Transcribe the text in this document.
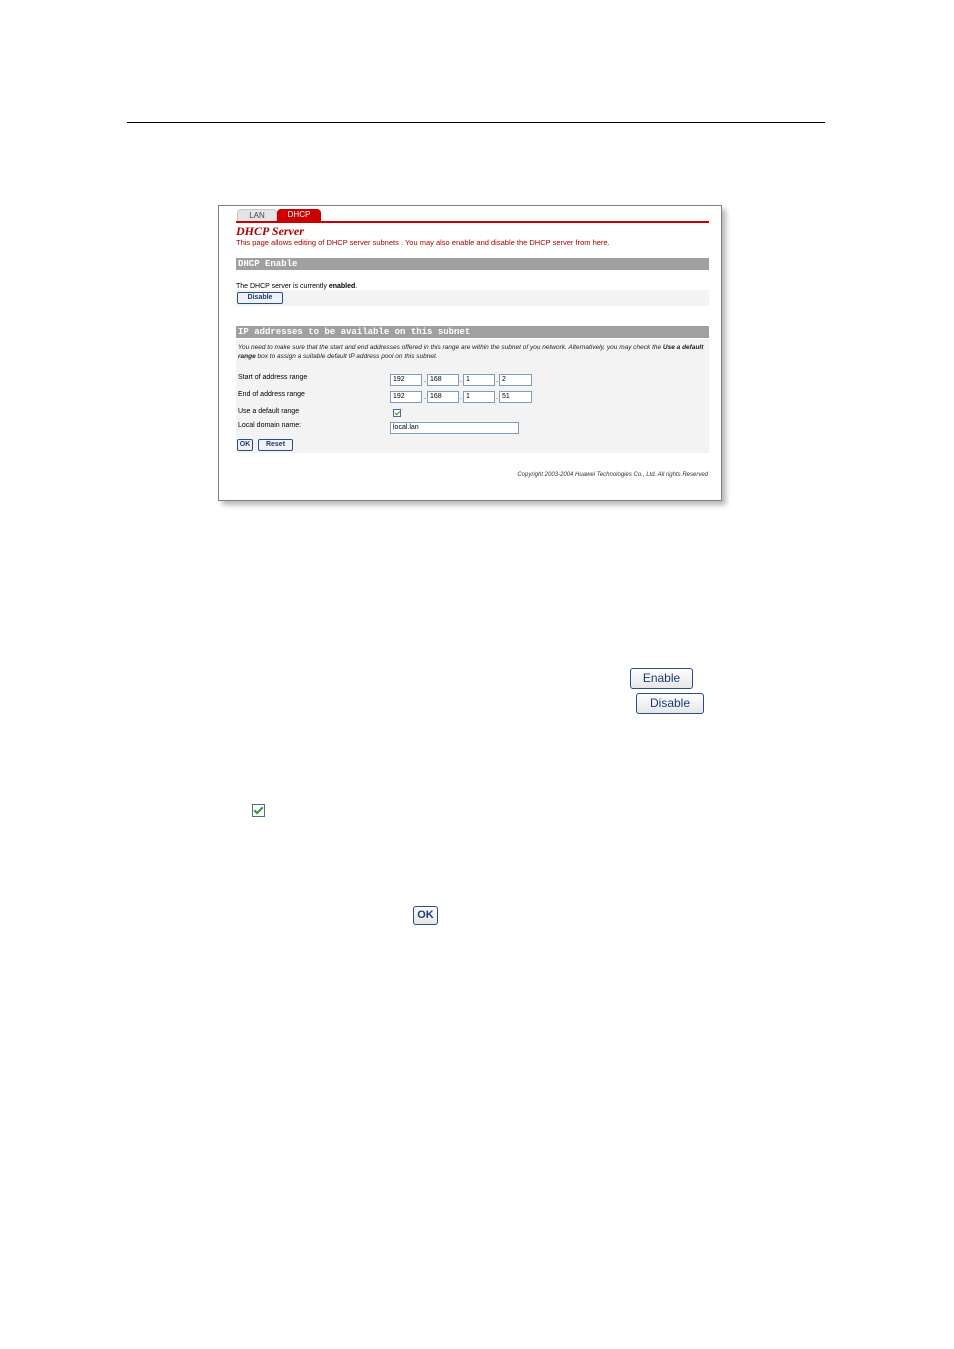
LAN	DHCP
DHCP Server
This page allows editing of DHCP server subnets . You may also enable and disable the DHCP server from here.
DHCP Enable
The DHCP server is currently enabled.
Disable
IP addresses to be available on this subnet
You need to make sure that the start and end addresses offered in this range are within the subnet of you network. Alternatively, you may check the Use a default range box to assign a suitable default IP address pool on this subnet.
Start of address range	192	. 168	. 1	. 2
End of address range	192	. 168	. 1	. 51
Use a default range
Local domain name:	local.lan
OK	Reset
Copyright 2003-2004 Huawei Technologies Co., Ltd. All rights Reserved
Enable
Disable
OK
